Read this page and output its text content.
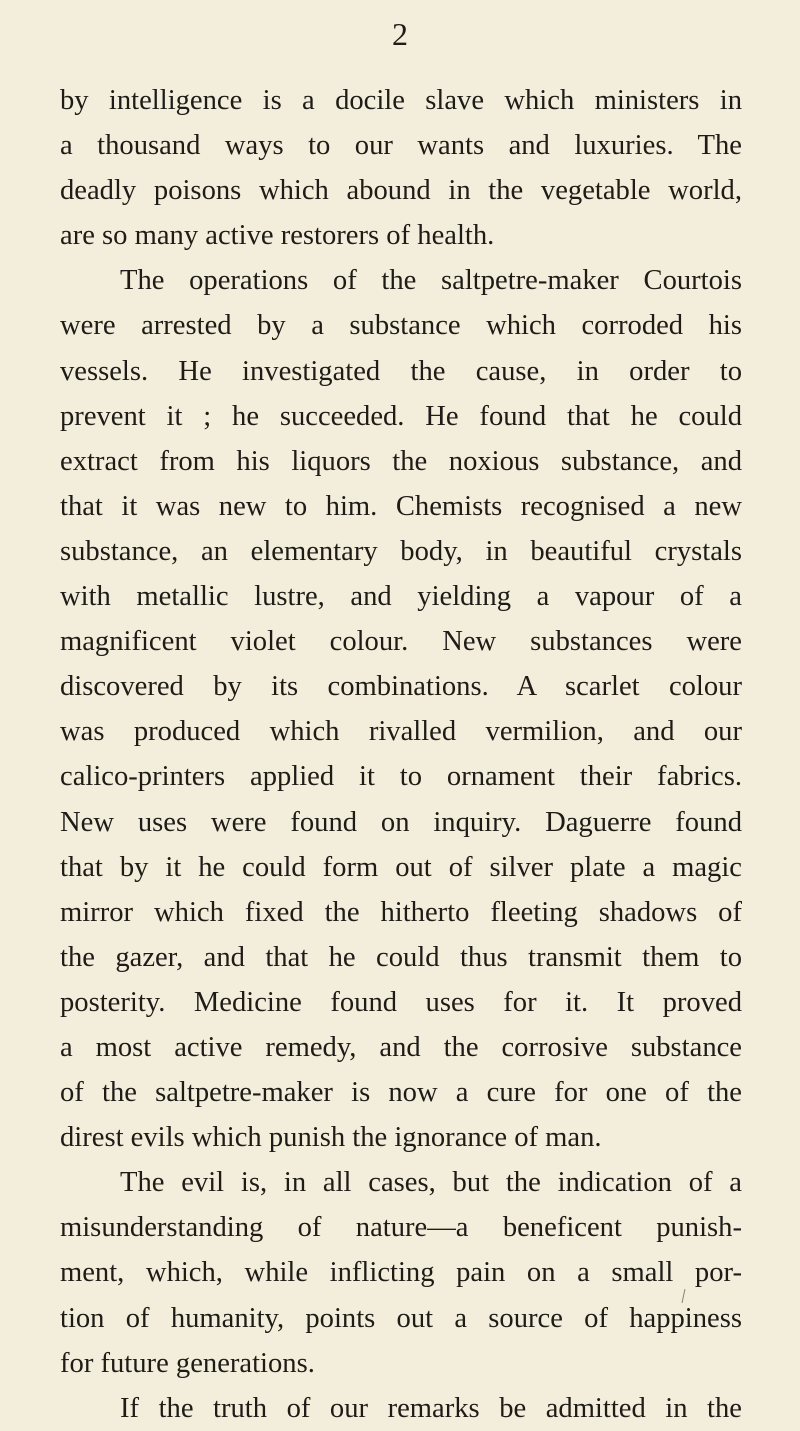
2
by intelligence is a docile slave which ministers in
a thousand ways to our wants and luxuries. The
deadly poisons which abound in the vegetable world,
are so many active restorers of health.
The operations of the saltpetre-maker Courtois
were arrested by a substance which corroded his
vessels. He investigated the cause, in order to
prevent it ; he succeeded. He found that he could
extract from his liquors the noxious substance, and
that it was new to him. Chemists recognised a new
substance, an elementary body, in beautiful crystals
with metallic lustre, and yielding a vapour of a
magnificent violet colour. New substances were
discovered by its combinations. A scarlet colour
was produced which rivalled vermilion, and our
calico-printers applied it to ornament their fabrics.
New uses were found on inquiry. Daguerre found
that by it he could form out of silver plate a magic
mirror which fixed the hitherto fleeting shadows of
the gazer, and that he could thus transmit them to
posterity. Medicine found uses for it. It proved
a most active remedy, and the corrosive substance
of the saltpetre-maker is now a cure for one of the
direst evils which punish the ignorance of man.
The evil is, in all cases, but the indication of a
misunderstanding of nature—a beneficent punish-
ment, which, while inflicting pain on a small por-
tion of humanity, points out a source of happiness
for future generations.
If the truth of our remarks be admitted in the
